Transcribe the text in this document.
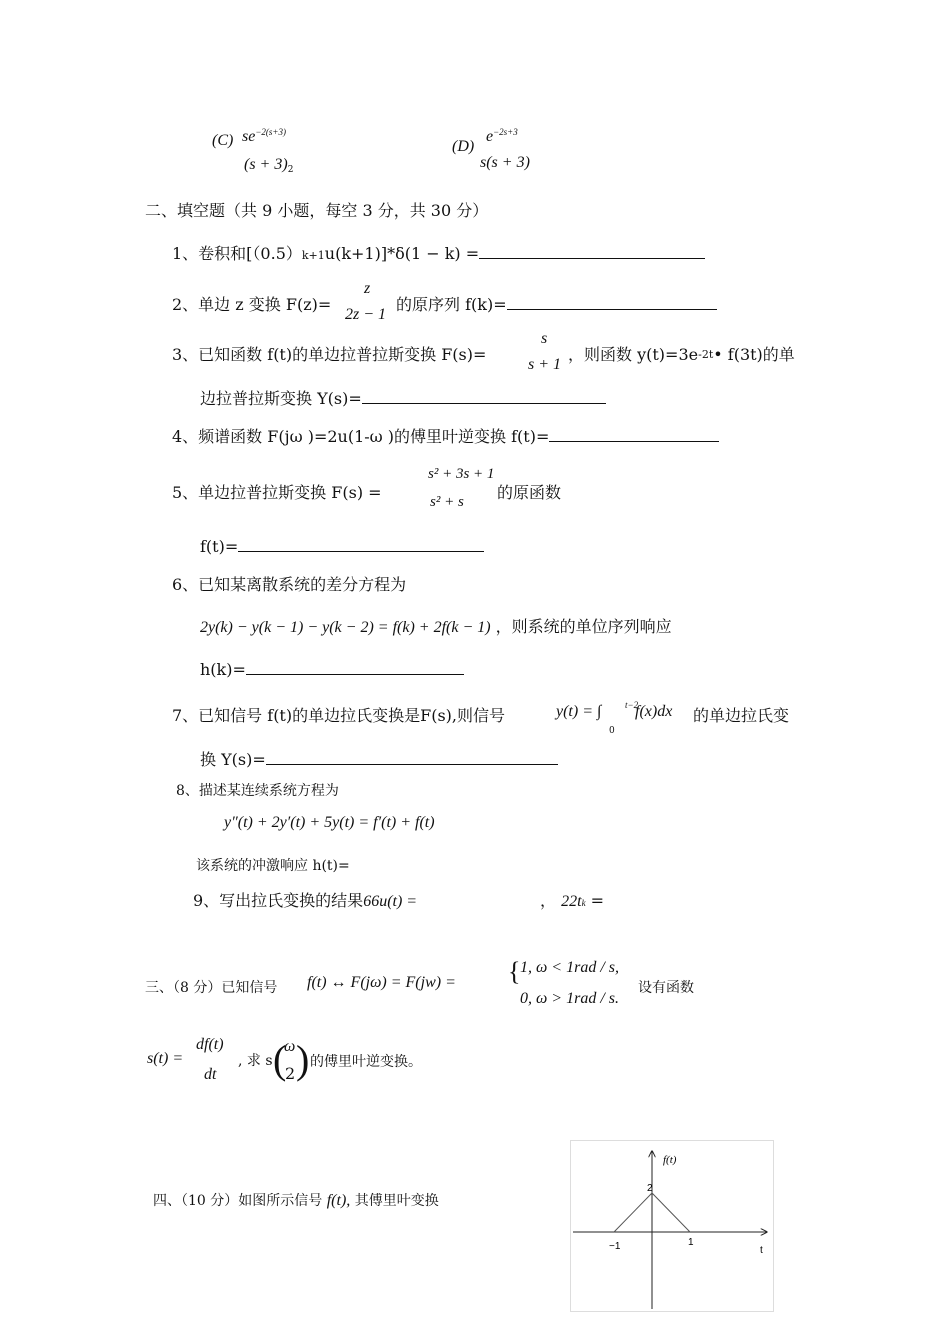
(C) $se^{-2(s+3)}$
(s + 3)2
(D)
$e^{-2s+3}$
s(s + 3)
二、填空题（共 9 小题，每空 3 分，共 30 分）
1、卷积和[（0.5）k+1u(k+1)]*δ(1 − k) =
2、单边 z 变换 F(z)=
z
2z − 1
的原序列 f(k)=
3、已知函数 f(t)的单边拉普拉斯变换 F(s)=
s
s + 1
，则函数 y(t)=3e-2t• f(3t)的单
边拉普拉斯变换 Y(s)=
4、频谱函数 F(jω )=2u(1-ω )的傅里叶逆变换 f(t)=
5、单边拉普拉斯变换 F(s) =
s² + 3s + 1
s² + s 的原函数
f(t)=
6、已知某离散系统的差分方程为
2y(k) − y(k − 1) − y(k − 2) = f(k) + 2f(k − 1) ，则系统的单位序列响应
h(k)=
7、已知信号 f(t)的单边拉氏变换是F(s),则信号	y(t) = ∫	t−2
0
f(x)dx 的单边拉氏变
换 Y(s)=
8、描述某连续系统方程为
y″(t) + 2y′(t) + 5y(t) = f′(t) + f(t)
该系统的冲激响应 h(t)=
9、写出拉氏变换的结果66u(t) =	， 22tk =
三、（8 分）已知信号 f(t) ↔ F(jω) = F(jw) = { 1, ω < 1rad / s,
0, ω > 1rad / s.
设有函数
s(t) =
df(t)
dt
, 求 s (
ω
2 ) 的傅里叶逆变换。
四、（10 分）如图所示信号 f(t), 其傅里叶变换
f(t)
2
−1	1
t
